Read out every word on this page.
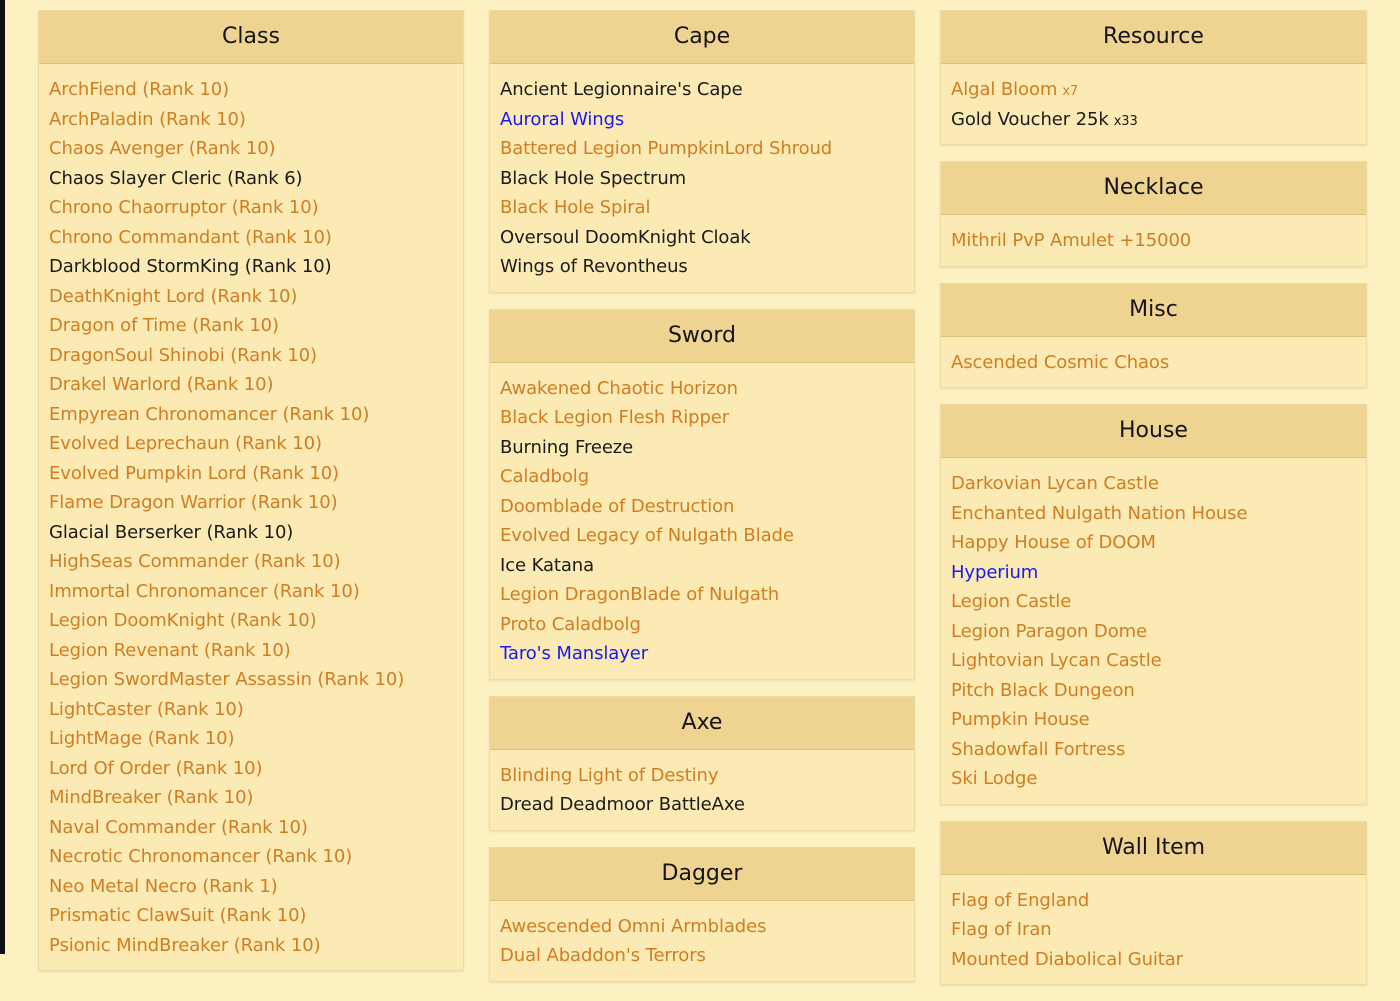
Class
ArchFiend (Rank 10)
ArchPaladin (Rank 10)
Chaos Avenger (Rank 10)
Chaos Slayer Cleric (Rank 6)
Chrono Chaorruptor (Rank 10)
Chrono Commandant (Rank 10)
Darkblood StormKing (Rank 10)
DeathKnight Lord (Rank 10)
Dragon of Time (Rank 10)
DragonSoul Shinobi (Rank 10)
Drakel Warlord (Rank 10)
Empyrean Chronomancer (Rank 10)
Evolved Leprechaun (Rank 10)
Evolved Pumpkin Lord (Rank 10)
Flame Dragon Warrior (Rank 10)
Glacial Berserker (Rank 10)
HighSeas Commander (Rank 10)
Immortal Chronomancer (Rank 10)
Legion DoomKnight (Rank 10)
Legion Revenant (Rank 10)
Legion SwordMaster Assassin (Rank 10)
LightCaster (Rank 10)
LightMage (Rank 10)
Lord Of Order (Rank 10)
MindBreaker (Rank 10)
Naval Commander (Rank 10)
Necrotic Chronomancer (Rank 10)
Neo Metal Necro (Rank 1)
Prismatic ClawSuit (Rank 10)
Psionic MindBreaker (Rank 10)
Cape
Ancient Legionnaire's Cape
Auroral Wings
Battered Legion PumpkinLord Shroud
Black Hole Spectrum
Black Hole Spiral
Oversoul DoomKnight Cloak
Wings of Revontheus
Sword
Awakened Chaotic Horizon
Black Legion Flesh Ripper
Burning Freeze
Caladbolg
Doomblade of Destruction
Evolved Legacy of Nulgath Blade
Ice Katana
Legion DragonBlade of Nulgath
Proto Caladbolg
Taro's Manslayer
Axe
Blinding Light of Destiny
Dread Deadmoor BattleAxe
Dagger
Awescended Omni Armblades
Dual Abaddon's Terrors
Resource
Algal Bloom x7
Gold Voucher 25k x33
Necklace
Mithril PvP Amulet +15000
Misc
Ascended Cosmic Chaos
House
Darkovian Lycan Castle
Enchanted Nulgath Nation House
Happy House of DOOM
Hyperium
Legion Castle
Legion Paragon Dome
Lightovian Lycan Castle
Pitch Black Dungeon
Pumpkin House
Shadowfall Fortress
Ski Lodge
Wall Item
Flag of England
Flag of Iran
Mounted Diabolical Guitar
